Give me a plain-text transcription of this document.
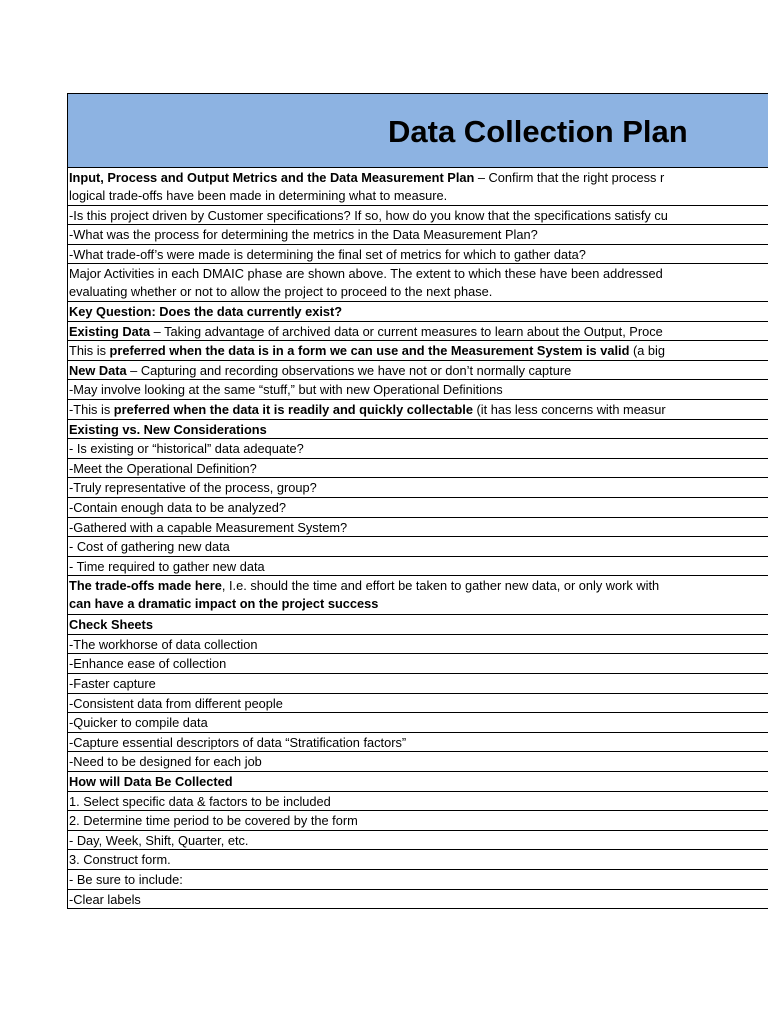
Data Collection Plan
Input, Process and Output Metrics and the Data Measurement Plan – Confirm that the right process r
logical trade-offs have been made in determining what to measure.
-Is this project driven by Customer specifications? If so, how do you know that the specifications satisfy cu
-What was the process for determining the metrics in the Data Measurement Plan?
-What trade-off’s were made is determining the final set of metrics for which to gather data?
Major Activities in each DMAIC phase are shown above. The extent to which these have been addressed
evaluating whether or not to allow the project to proceed to the next phase.
Key Question: Does the data currently exist?
Existing Data – Taking advantage of archived data or current measures to learn about the Output, Proce
This is preferred when the data is in a form we can use and the Measurement System is valid (a big
New Data – Capturing and recording observations we have not or don’t normally capture
-May involve looking at the same “stuff,” but with new Operational Definitions
-This is preferred when the data it is readily and quickly collectable (it has less concerns with measur
Existing vs. New Considerations
- Is existing or “historical” data adequate?
-Meet the Operational Definition?
-Truly representative of the process, group?
-Contain enough data to be analyzed?
-Gathered with a capable Measurement System?
- Cost of gathering new data
- Time required to gather new data
The trade-offs made here, I.e. should the time and effort be taken to gather new data, or only work with
can have a dramatic impact on the project success
Check Sheets
-The workhorse of data collection
-Enhance ease of collection
-Faster capture
-Consistent data from different people
-Quicker to compile data
-Capture essential descriptors of data “Stratification factors”
-Need to be designed for each job
How will Data Be Collected
1. Select specific data & factors to be included
2. Determine time period to be covered by the form
- Day, Week, Shift, Quarter, etc.
3. Construct form.
- Be sure to include:
-Clear labels
